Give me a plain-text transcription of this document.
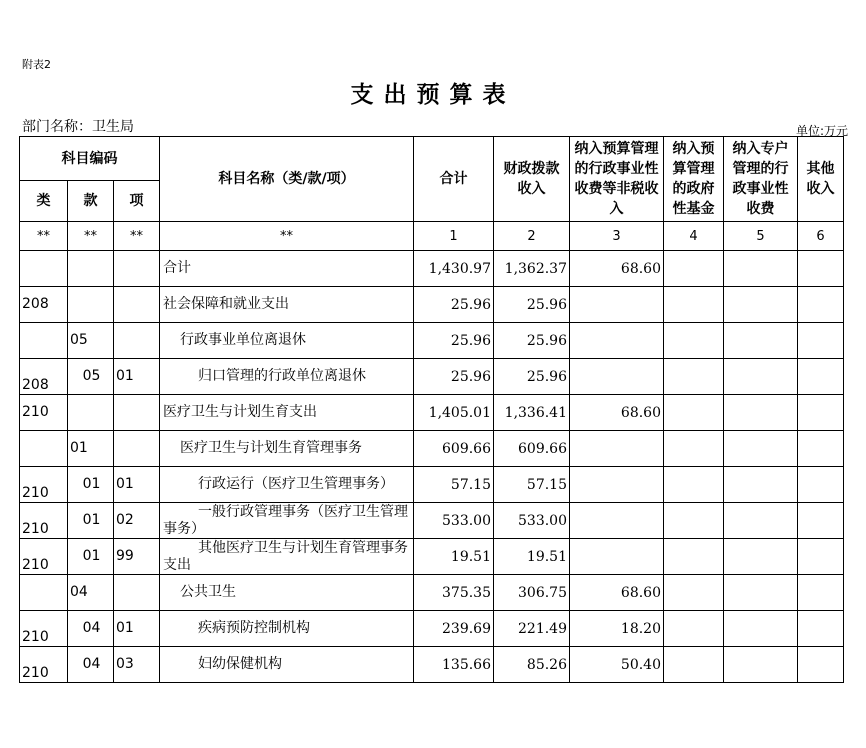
附表2
支出预算表
部门名称：卫生局	单位:万元
科目编码			科目名称（类/款/项）	合计	财政拨款收入	纳入预算管理的行政事业性收费等非税收入	纳入预算管理的政府性基金	纳入专户管理的行政事业性收费	其他收入
类	款	项							
**	**	**	**	1	2	3	4	5	6
			合计	1,430.97	1,362.37	68.60			
208			社会保障和就业支出	25.96	25.96				
	05		行政事业单位离退休	25.96	25.96				
208	05	01	归口管理的行政单位离退休	25.96	25.96				
210			医疗卫生与计划生育支出	1,405.01	1,336.41	68.60			
	01		医疗卫生与计划生育管理事务	609.66	609.66				
210	01	01	行政运行（医疗卫生管理事务）	57.15	57.15				
210	01	02	一般行政管理事务（医疗卫生管理事务）	533.00	533.00				
210	01	99	其他医疗卫生与计划生育管理事务支出	19.51	19.51				
	04		公共卫生	375.35	306.75	68.60			
210	04	01	疾病预防控制机构	239.69	221.49	18.20			
210	04	03	妇幼保健机构	135.66	85.26	50.40			
